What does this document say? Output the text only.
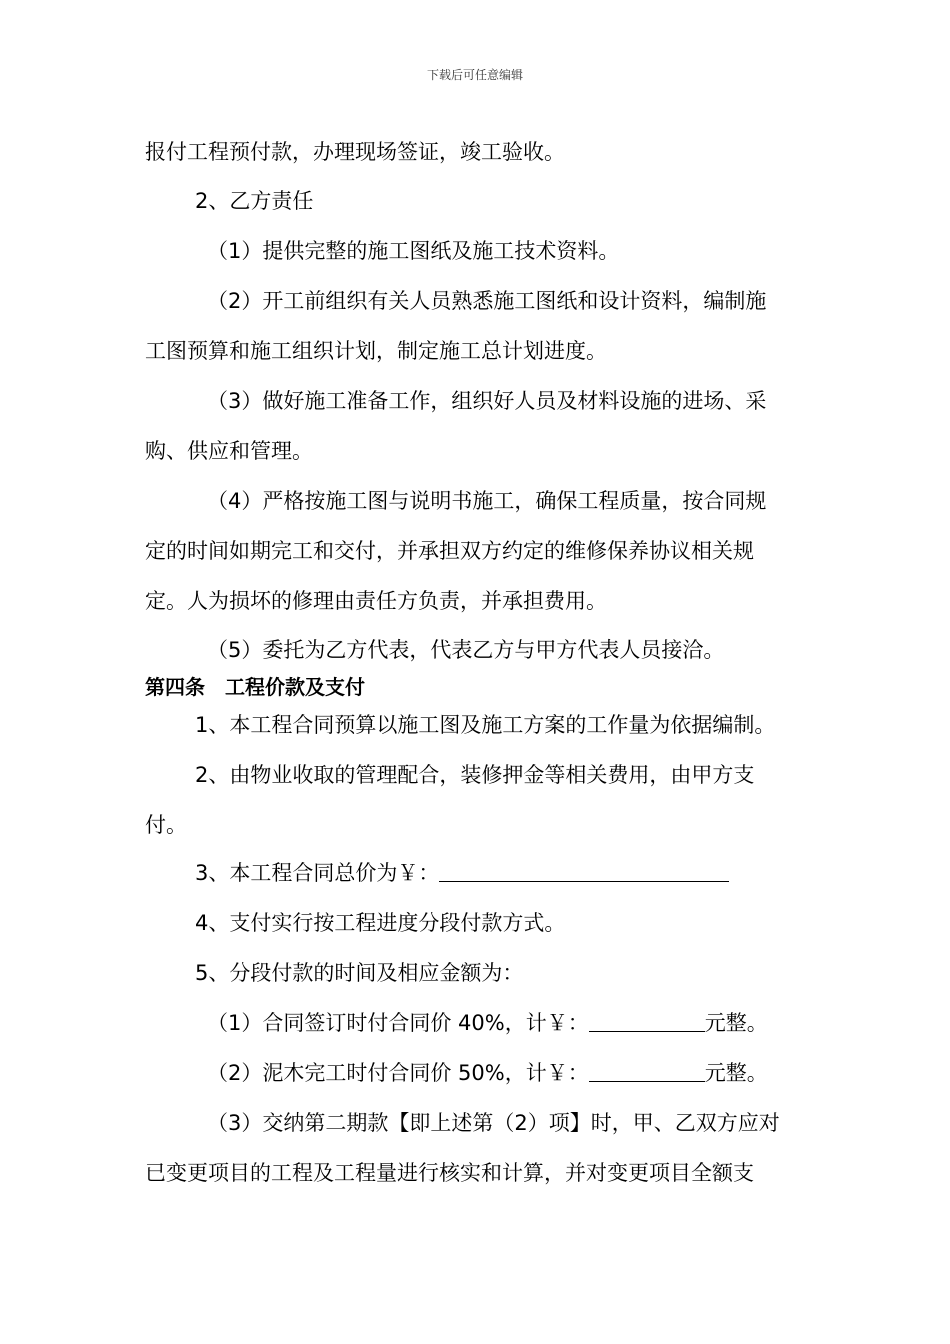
下载后可任意编辑
报付工程预付款，办理现场签证，竣工验收。
2、乙方责任
（1）提供完整的施工图纸及施工技术资料。
（2）开工前组织有关人员熟悉施工图纸和设计资料，编制施
工图预算和施工组织计划，制定施工总计划进度。
（3）做好施工准备工作，组织好人员及材料设施的进场、采
购、供应和管理。
（4）严格按施工图与说明书施工，确保工程质量，按合同规
定的时间如期完工和交付，并承担双方约定的维修保养协议相关规
定。人为损坏的修理由责任方负责，并承担费用。
（5）委托为乙方代表，代表乙方与甲方代表人员接洽。
第四条　工程价款及支付
1、本工程合同预算以施工图及施工方案的工作量为依据编制。
2、由物业收取的管理配合，装修押金等相关费用，由甲方支
付。
3、本工程合同总价为￥：
4、支付实行按工程进度分段付款方式。
5、分段付款的时间及相应金额为：
（1）合同签订时付合同价 40%，计￥：	元整。
（2）泥木完工时付合同价 50%，计￥：	元整。
（3）交纳第二期款【即上述第（2）项】时，甲、乙双方应对
已变更项目的工程及工程量进行核实和计算，并对变更项目全额支
